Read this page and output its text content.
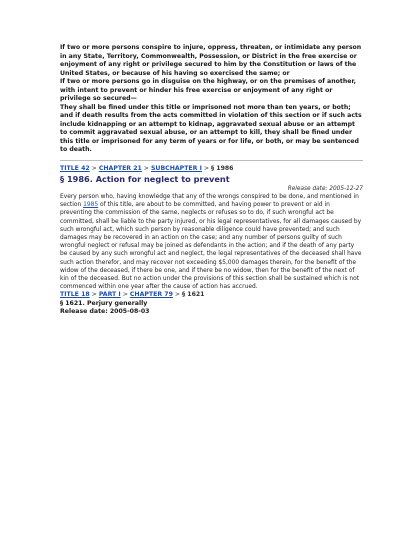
If two or more persons conspire to injure, oppress, threaten, or intimidate any person in any State, Territory, Commonwealth, Possession, or District in the free exercise or enjoyment of any right or privilege secured to him by the Constitution or laws of the United States, or because of his having so exercised the same; or

If two or more persons go in disguise on the highway, or on the premises of another, with intent to prevent or hinder his free exercise or enjoyment of any right or privilege so secured—

They shall be fined under this title or imprisoned not more than ten years, or both; and if death results from the acts committed in violation of this section or if such acts include kidnapping or an attempt to kidnap, aggravated sexual abuse or an attempt to commit aggravated sexual abuse, or an attempt to kill, they shall be fined under this title or imprisoned for any term of years or for life, or both, or may be sentenced to death.

TITLE 42 > CHAPTER 21 > SUBCHAPTER I > § 1986

§ 1986. Action for neglect to prevent

Release date: 2005-12-27

Every person who, having knowledge that any of the wrongs conspired to be done, and mentioned in section 1985 of this title, are about to be committed, and having power to prevent or aid in preventing the commission of the same, neglects or refuses so to do, if such wrongful act be committed, shall be liable to the party injured, or his legal representatives, for all damages caused by such wrongful act, which such person by reasonable diligence could have prevented; and such damages may be recovered in an action on the case; and any number of persons guilty of such wrongful neglect or refusal may be joined as defendants in the action; and if the death of any party be caused by any such wrongful act and neglect, the legal representatives of the deceased shall have such action therefor, and may recover not exceeding $5,000 damages therein, for the benefit of the widow of the deceased, if there be one, and if there be no widow, then for the benefit of the next of kin of the deceased. But no action under the provisions of this section shall be sustained which is not commenced within one year after the cause of action has accrued.

TITLE 18 > PART I > CHAPTER 79 > § 1621

§ 1621. Perjury generally

Release date: 2005-08-03
